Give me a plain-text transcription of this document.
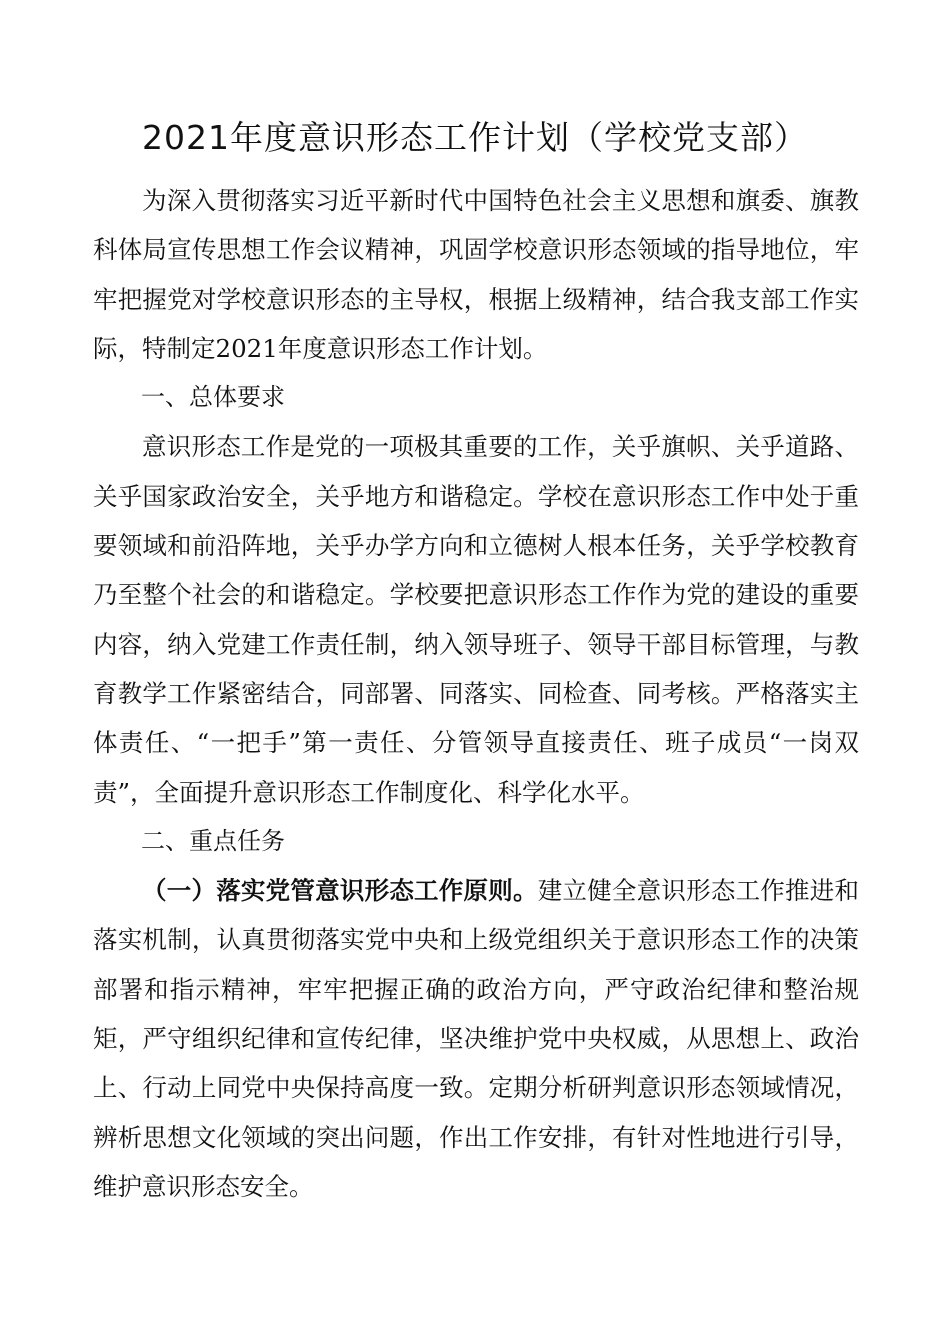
2021年度意识形态工作计划（学校党支部）

为深入贯彻落实习近平新时代中国特色社会主义思想和旗委、旗教科体局宣传思想工作会议精神，巩固学校意识形态领域的指导地位，牢牢把握党对学校意识形态的主导权，根据上级精神，结合我支部工作实际，特制定2021年度意识形态工作计划。

一、总体要求

意识形态工作是党的一项极其重要的工作，关乎旗帜、关乎道路、关乎国家政治安全，关乎地方和谐稳定。学校在意识形态工作中处于重要领域和前沿阵地，关乎办学方向和立德树人根本任务，关乎学校教育乃至整个社会的和谐稳定。学校要把意识形态工作作为党的建设的重要内容，纳入党建工作责任制，纳入领导班子、领导干部目标管理，与教育教学工作紧密结合，同部署、同落实、同检查、同考核。严格落实主体责任、“一把手”第一责任、分管领导直接责任、班子成员“一岗双责”，全面提升意识形态工作制度化、科学化水平。

二、重点任务

（一）落实党管意识形态工作原则。建立健全意识形态工作推进和落实机制，认真贯彻落实党中央和上级党组织关于意识形态工作的决策部署和指示精神，牢牢把握正确的政治方向，严守政治纪律和整治规矩，严守组织纪律和宣传纪律，坚决维护党中央权威，从思想上、政治上、行动上同党中央保持高度一致。定期分析研判意识形态领域情况，辨析思想文化领域的突出问题，作出工作安排，有针对性地进行引导，维护意识形态安全。
